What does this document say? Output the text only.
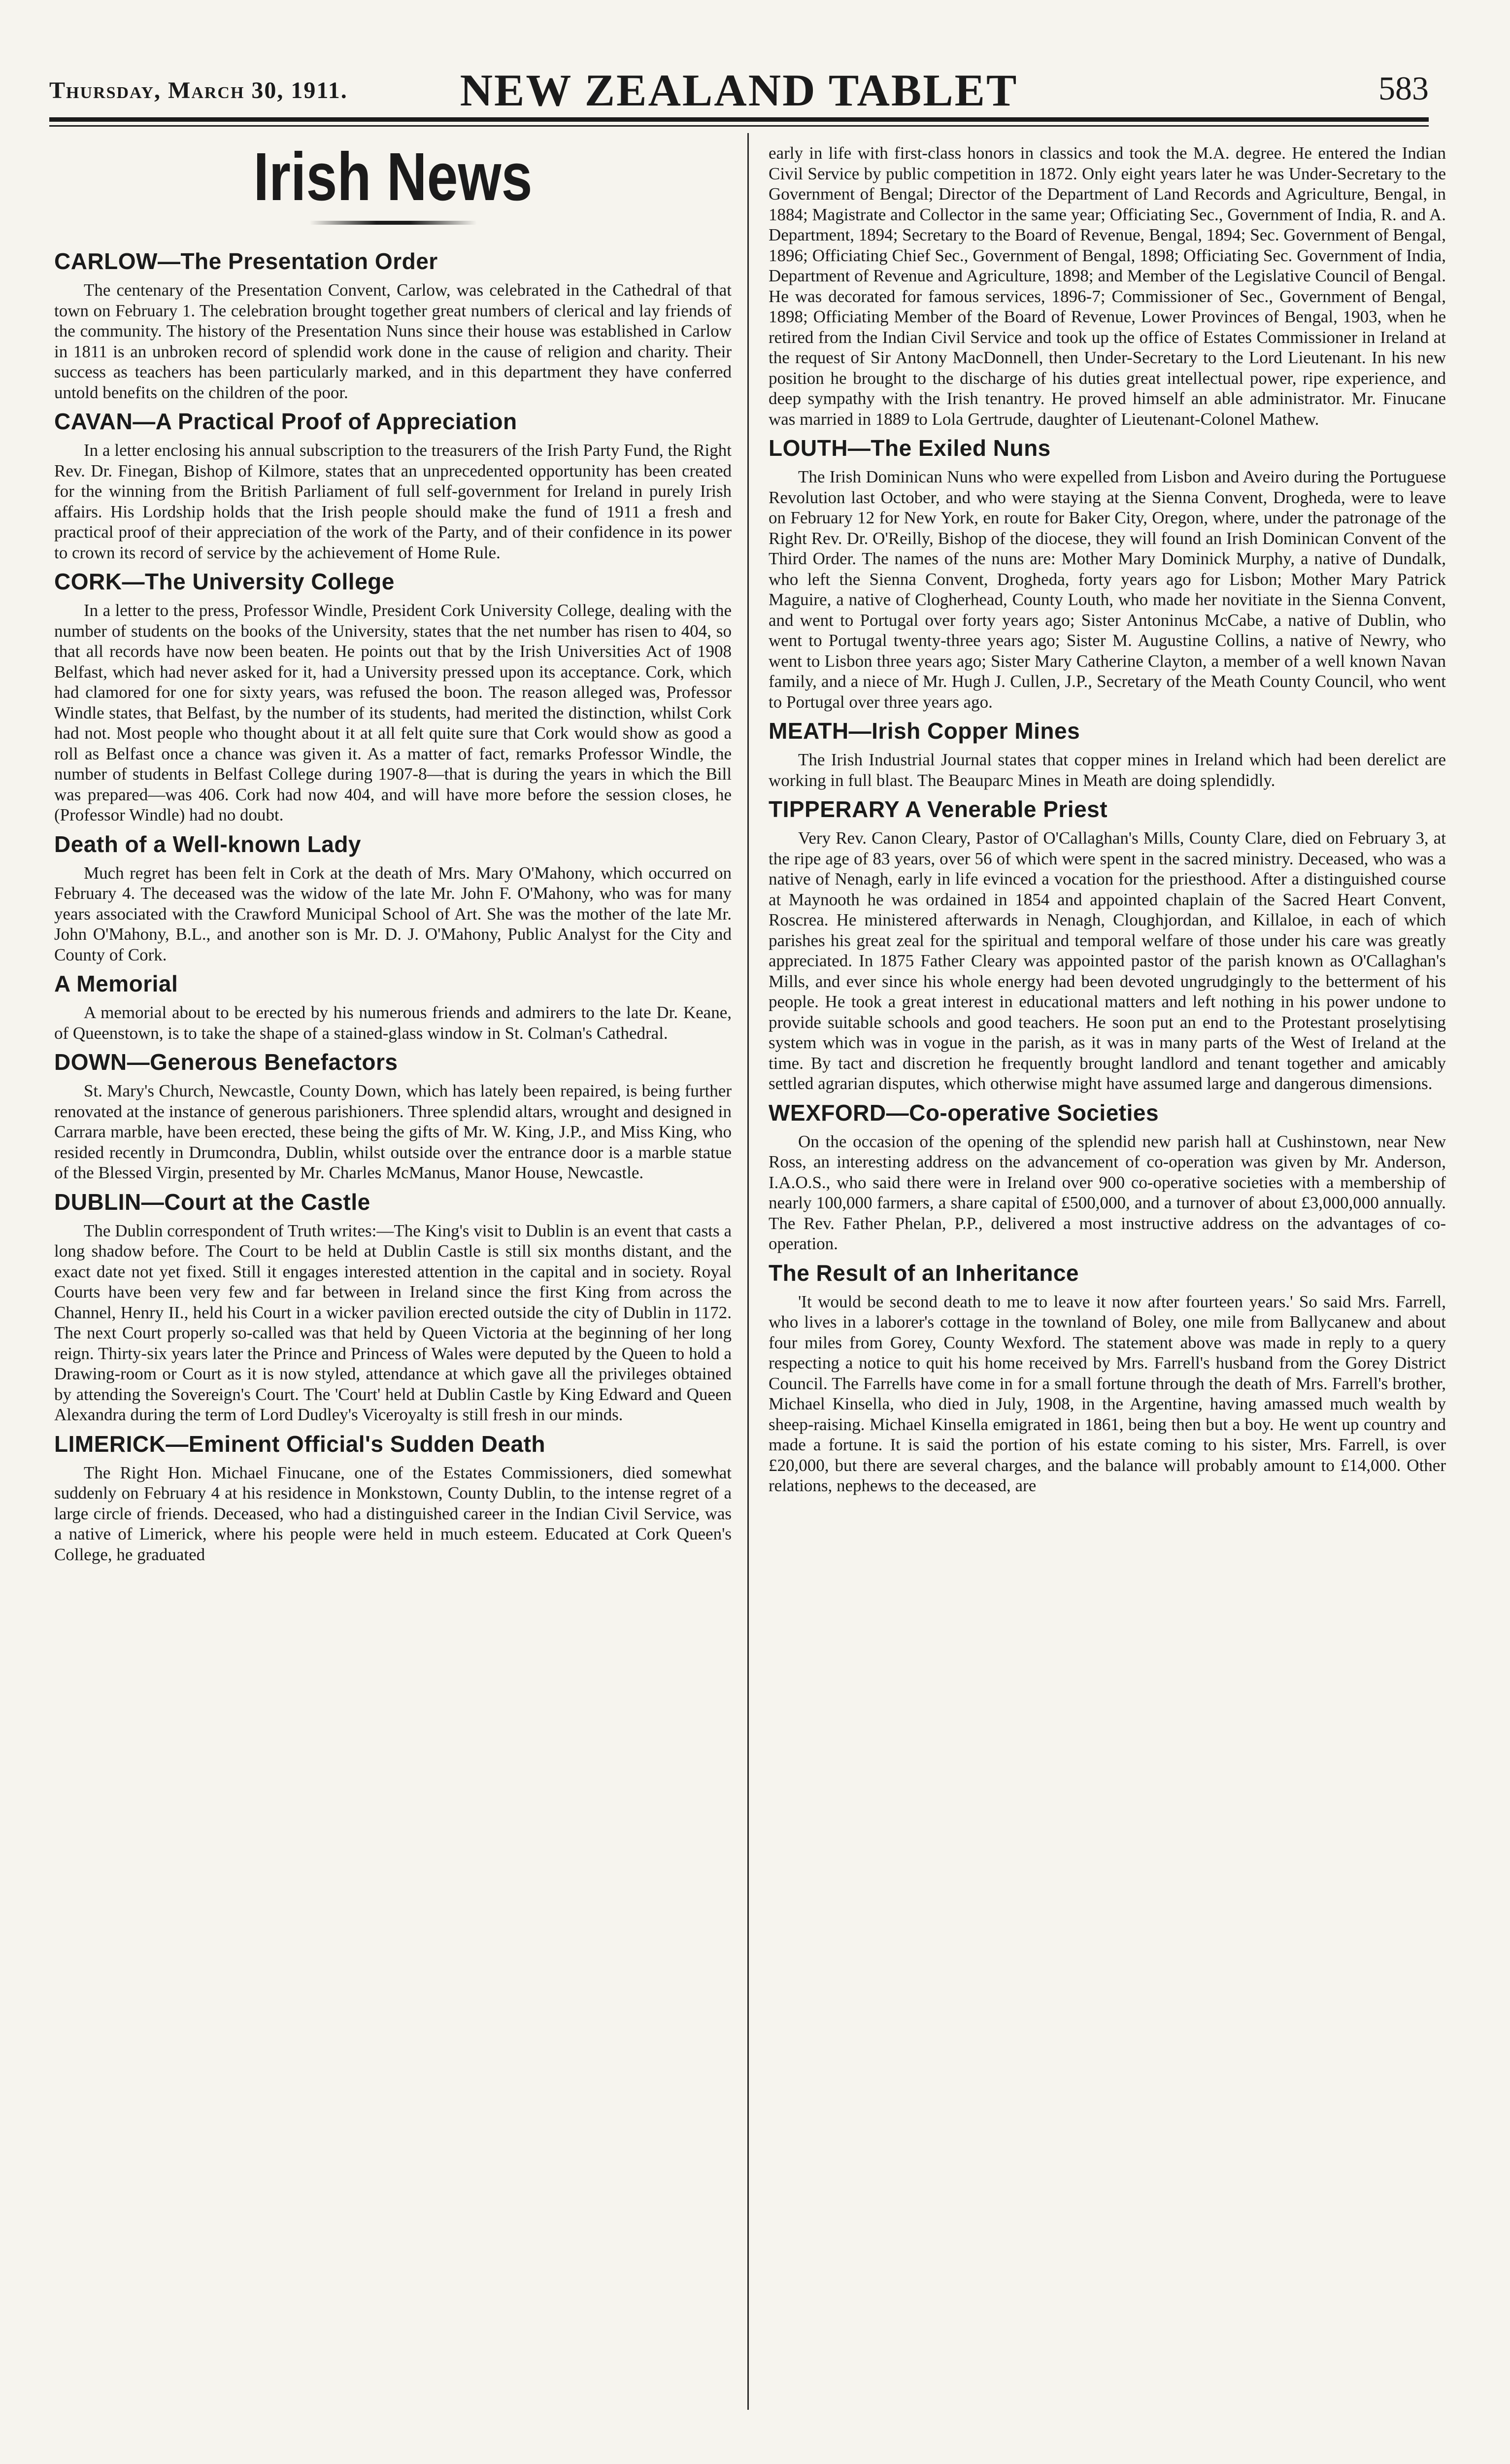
Thursday, March 30, 1911.	NEW ZEALAND TABLET	583
Irish News
CARLOW—The Presentation Order

The centenary of the Presentation Convent, Carlow, was celebrated in the Cathedral of that town on February 1. The celebration brought together great numbers of clerical and lay friends of the community. The history of the Presentation Nuns since their house was established in Carlow in 1811 is an unbroken record of splendid work done in the cause of religion and charity. Their success as teachers has been particularly marked, and in this department they have conferred untold benefits on the children of the poor.

CAVAN—A Practical Proof of Appreciation

In a letter enclosing his annual subscription to the treasurers of the Irish Party Fund, the Right Rev. Dr. Finegan, Bishop of Kilmore, states that an unprecedented opportunity has been created for the winning from the British Parliament of full self-government for Ireland in purely Irish affairs. His Lordship holds that the Irish people should make the fund of 1911 a fresh and practical proof of their appreciation of the work of the Party, and of their confidence in its power to crown its record of service by the achievement of Home Rule.

CORK—The University College

In a letter to the press, Professor Windle, President Cork University College, dealing with the number of students on the books of the University, states that the net number has risen to 404, so that all records have now been beaten. He points out that by the Irish Universities Act of 1908 Belfast, which had never asked for it, had a University pressed upon its acceptance. Cork, which had clamored for one for sixty years, was refused the boon. The reason alleged was, Professor Windle states, that Belfast, by the number of its students, had merited the distinction, whilst Cork had not. Most people who thought about it at all felt quite sure that Cork would show as good a roll as Belfast once a chance was given it. As a matter of fact, remarks Professor Windle, the number of students in Belfast College during 1907-8—that is during the years in which the Bill was prepared—was 406. Cork had now 404, and will have more before the session closes, he (Professor Windle) had no doubt.

Death of a Well-known Lady

Much regret has been felt in Cork at the death of Mrs. Mary O'Mahony, which occurred on February 4. The deceased was the widow of the late Mr. John F. O'Mahony, who was for many years associated with the Crawford Municipal School of Art. She was the mother of the late Mr. John O'Mahony, B.L., and another son is Mr. D. J. O'Mahony, Public Analyst for the City and County of Cork.

A Memorial

A memorial about to be erected by his numerous friends and admirers to the late Dr. Keane, of Queenstown, is to take the shape of a stained-glass window in St. Colman's Cathedral.

DOWN—Generous Benefactors

St. Mary's Church, Newcastle, County Down, which has lately been repaired, is being further renovated at the instance of generous parishioners. Three splendid altars, wrought and designed in Carrara marble, have been erected, these being the gifts of Mr. W. King, J.P., and Miss King, who resided recently in Drumcondra, Dublin, whilst outside over the entrance door is a marble statue of the Blessed Virgin, presented by Mr. Charles McManus, Manor House, Newcastle.

DUBLIN—Court at the Castle

The Dublin correspondent of Truth writes:—The King's visit to Dublin is an event that casts a long shadow before. The Court to be held at Dublin Castle is still six months distant, and the exact date not yet fixed. Still it engages interested attention in the capital and in society. Royal Courts have been very few and far between in Ireland since the first King from across the Channel, Henry II., held his Court in a wicker pavilion erected outside the city of Dublin in 1172. The next Court properly so-called was that held by Queen Victoria at the beginning of her long reign. Thirty-six years later the Prince and Princess of Wales were deputed by the Queen to hold a Drawing-room or Court as it is now styled, attendance at which gave all the privileges obtained by attending the Sovereign's Court. The 'Court' held at Dublin Castle by King Edward and Queen Alexandra during the term of Lord Dudley's Viceroyalty is still fresh in our minds.

LIMERICK—Eminent Official's Sudden Death

The Right Hon. Michael Finucane, one of the Estates Commissioners, died somewhat suddenly on February 4 at his residence in Monkstown, County Dublin, to the intense regret of a large circle of friends. Deceased, who had a distinguished career in the Indian Civil Service, was a native of Limerick, where his people were held in much esteem. Educated at Cork Queen's College, he graduated

early in life with first-class honors in classics and took the M.A. degree. He entered the Indian Civil Service by public competition in 1872. Only eight years later he was Under-Secretary to the Government of Bengal; Director of the Department of Land Records and Agriculture, Bengal, in 1884; Magistrate and Collector in the same year; Officiating Sec., Government of India, R. and A. Department, 1894; Secretary to the Board of Revenue, Bengal, 1894; Sec. Government of Bengal, 1896; Officiating Chief Sec., Government of Bengal, 1898; Officiating Sec. Government of India, Department of Revenue and Agriculture, 1898; and Member of the Legislative Council of Bengal. He was decorated for famous services, 1896-7; Commissioner of Sec., Government of Bengal, 1898; Officiating Member of the Board of Revenue, Lower Provinces of Bengal, 1903, when he retired from the Indian Civil Service and took up the office of Estates Commissioner in Ireland at the request of Sir Antony MacDonnell, then Under-Secretary to the Lord Lieutenant. In his new position he brought to the discharge of his duties great intellectual power, ripe experience, and deep sympathy with the Irish tenantry. He proved himself an able administrator. Mr. Finucane was married in 1889 to Lola Gertrude, daughter of Lieutenant-Colonel Mathew.

LOUTH—The Exiled Nuns

The Irish Dominican Nuns who were expelled from Lisbon and Aveiro during the Portuguese Revolution last October, and who were staying at the Sienna Convent, Drogheda, were to leave on February 12 for New York, en route for Baker City, Oregon, where, under the patronage of the Right Rev. Dr. O'Reilly, Bishop of the diocese, they will found an Irish Dominican Convent of the Third Order. The names of the nuns are: Mother Mary Dominick Murphy, a native of Dundalk, who left the Sienna Convent, Drogheda, forty years ago for Lisbon; Mother Mary Patrick Maguire, a native of Clogherhead, County Louth, who made her novitiate in the Sienna Convent, and went to Portugal over forty years ago; Sister Antoninus McCabe, a native of Dublin, who went to Portugal twenty-three years ago; Sister M. Augustine Collins, a native of Newry, who went to Lisbon three years ago; Sister Mary Catherine Clayton, a member of a well known Navan family, and a niece of Mr. Hugh J. Cullen, J.P., Secretary of the Meath County Council, who went to Portugal over three years ago.

MEATH—Irish Copper Mines

The Irish Industrial Journal states that copper mines in Ireland which had been derelict are working in full blast. The Beauparc Mines in Meath are doing splendidly.

TIPPERARY A Venerable Priest

Very Rev. Canon Cleary, Pastor of O'Callaghan's Mills, County Clare, died on February 3, at the ripe age of 83 years, over 56 of which were spent in the sacred ministry. Deceased, who was a native of Nenagh, early in life evinced a vocation for the priesthood. After a distinguished course at Maynooth he was ordained in 1854 and appointed chaplain of the Sacred Heart Convent, Roscrea. He ministered afterwards in Nenagh, Cloughjordan, and Killaloe, in each of which parishes his great zeal for the spiritual and temporal welfare of those under his care was greatly appreciated. In 1875 Father Cleary was appointed pastor of the parish known as O'Callaghan's Mills, and ever since his whole energy had been devoted ungrudgingly to the betterment of his people. He took a great interest in educational matters and left nothing in his power undone to provide suitable schools and good teachers. He soon put an end to the Protestant proselytising system which was in vogue in the parish, as it was in many parts of the West of Ireland at the time. By tact and discretion he frequently brought landlord and tenant together and amicably settled agrarian disputes, which otherwise might have assumed large and dangerous dimensions.

WEXFORD—Co-operative Societies

On the occasion of the opening of the splendid new parish hall at Cushinstown, near New Ross, an interesting address on the advancement of co-operation was given by Mr. Anderson, I.A.O.S., who said there were in Ireland over 900 co-operative societies with a membership of nearly 100,000 farmers, a share capital of £500,000, and a turnover of about £3,000,000 annually. The Rev. Father Phelan, P.P., delivered a most instructive address on the advantages of co-operation.

The Result of an Inheritance

'It would be second death to me to leave it now after fourteen years.' So said Mrs. Farrell, who lives in a laborer's cottage in the townland of Boley, one mile from Ballycanew and about four miles from Gorey, County Wexford. The statement above was made in reply to a query respecting a notice to quit his home received by Mrs. Farrell's husband from the Gorey District Council. The Farrells have come in for a small fortune through the death of Mrs. Farrell's brother, Michael Kinsella, who died in July, 1908, in the Argentine, having amassed much wealth by sheep-raising. Michael Kinsella emigrated in 1861, being then but a boy. He went up country and made a fortune. It is said the portion of his estate coming to his sister, Mrs. Farrell, is over £20,000, but there are several charges, and the balance will probably amount to £14,000. Other relations, nephews to the deceased, are
